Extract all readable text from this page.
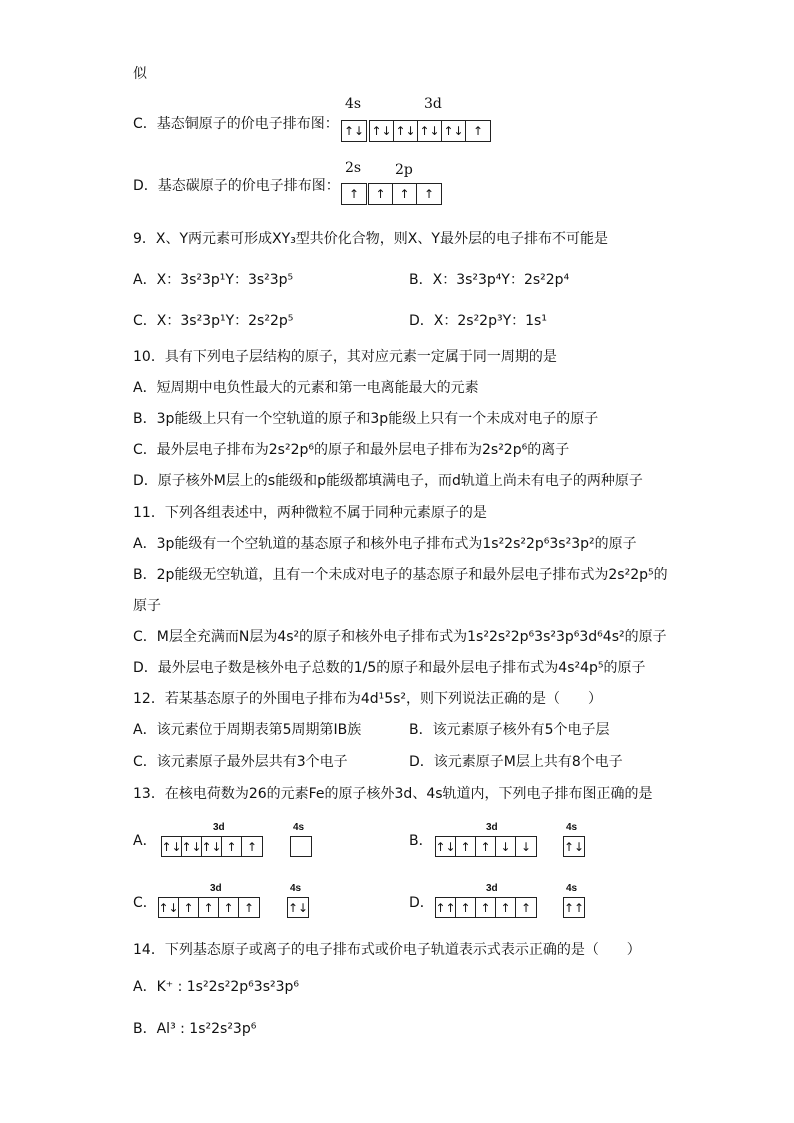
似
C．基态铜原子的价电子排布图：
4s	3d
↑↓ ↑↓ ↑↓ ↑↓ ↑↓ ↑
D．基态碳原子的价电子排布图：
2s 2p
↑	↑	↑	↑
9．X、Y两元素可形成XY₃型共价化合物，则X、Y最外层的电子排布不可能是
A．X：3s²3p¹Y：3s²3p⁵	B．X：3s²3p⁴Y：2s²2p⁴
C．X：3s²3p¹Y：2s²2p⁵	D．X：2s²2p³Y：1s¹
10．具有下列电子层结构的原子，其对应元素一定属于同一周期的是
A．短周期中电负性最大的元素和第一电离能最大的元素
B．3p能级上只有一个空轨道的原子和3p能级上只有一个未成对电子的原子
C．最外层电子排布为2s²2p⁶的原子和最外层电子排布为2s²2p⁶的离子
D．原子核外M层上的s能级和p能级都填满电子，而d轨道上尚未有电子的两种原子
11．下列各组表述中，两种微粒不属于同种元素原子的是
A．3p能级有一个空轨道的基态原子和核外电子排布式为1s²2s²2p⁶3s²3p²的原子
B．2p能级无空轨道，且有一个未成对电子的基态原子和最外层电子排布式为2s²2p⁵的
原子
C．M层全充满而N层为4s²的原子和核外电子排布式为1s²2s²2p⁶3s²3p⁶3d⁶4s²的原子
D．最外层电子数是核外电子总数的1/5的原子和最外层电子排布式为4s²4p⁵的原子
12．若某基态原子的外围电子排布为4d¹5s²，则下列说法正确的是（　　）
A．该元素位于周期表第5周期第IB族	B．该元素原子核外有5个电子层
C．该元素原子最外层共有3个电子	D．该元素原子M层上共有8个电子
13．在核电荷数为26的元素Fe的原子核外3d、4s轨道内，下列电子排布图正确的是
A．
3d	4s
↑↓ ↑↓ ↑↓ ↑ ↑	B．
3d	4s
↑↓ ↑ ↑ ↓ ↓	↑↓
C．
3d	4s
↑↓ ↑ ↑ ↑ ↑	↑↓	D．
3d	4s
↑↑ ↑ ↑ ↑ ↑	↑↑
14．下列基态原子或离子的电子排布式或价电子轨道表示式表示正确的是（　　）
A．K⁺ : 1s²2s²2p⁶3s²3p⁶
B．Al³ : 1s²2s²3p⁶
